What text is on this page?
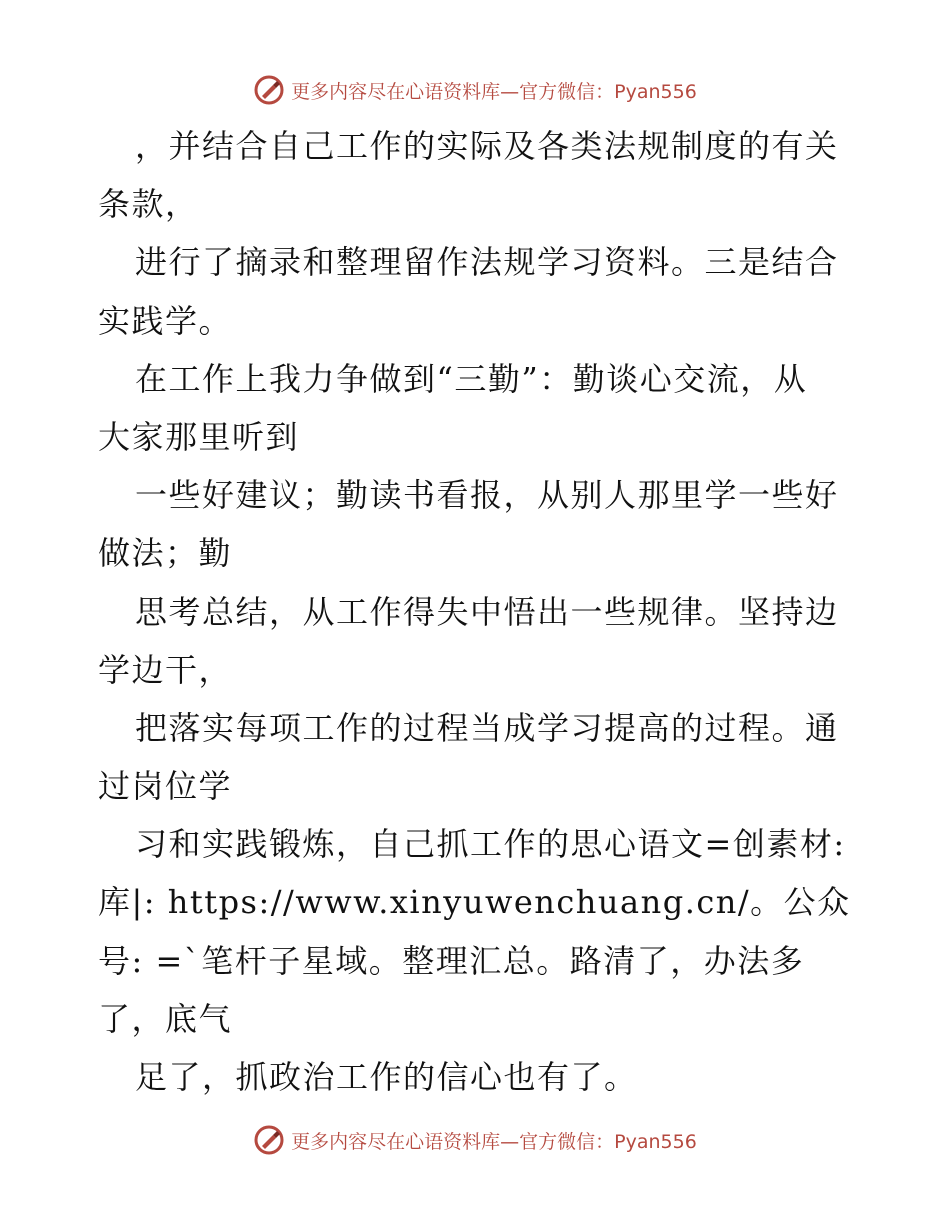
更多内容尽在心语资料库—官方微信：Pyan556
，并结合自己工作的实际及各类法规制度的有关
条款，
进行了摘录和整理留作法规学习资料。三是结合
实践学。
在工作上我力争做到“三勤”：勤谈心交流，从
大家那里听到
一些好建议；勤读书看报，从别人那里学一些好
做法；勤
思考总结，从工作得失中悟出一些规律。坚持边
学边干，
把落实每项工作的过程当成学习提高的过程。通
过岗位学
习和实践锻炼，自己抓工作的思心语文=创素材:
库|: https://www.xinyuwenchuang.cn/。公众
号: =`笔杆子星域。整理汇总。路清了，办法多
了，底气
足了，抓政治工作的信心也有了。
更多内容尽在心语资料库—官方微信：Pyan556
